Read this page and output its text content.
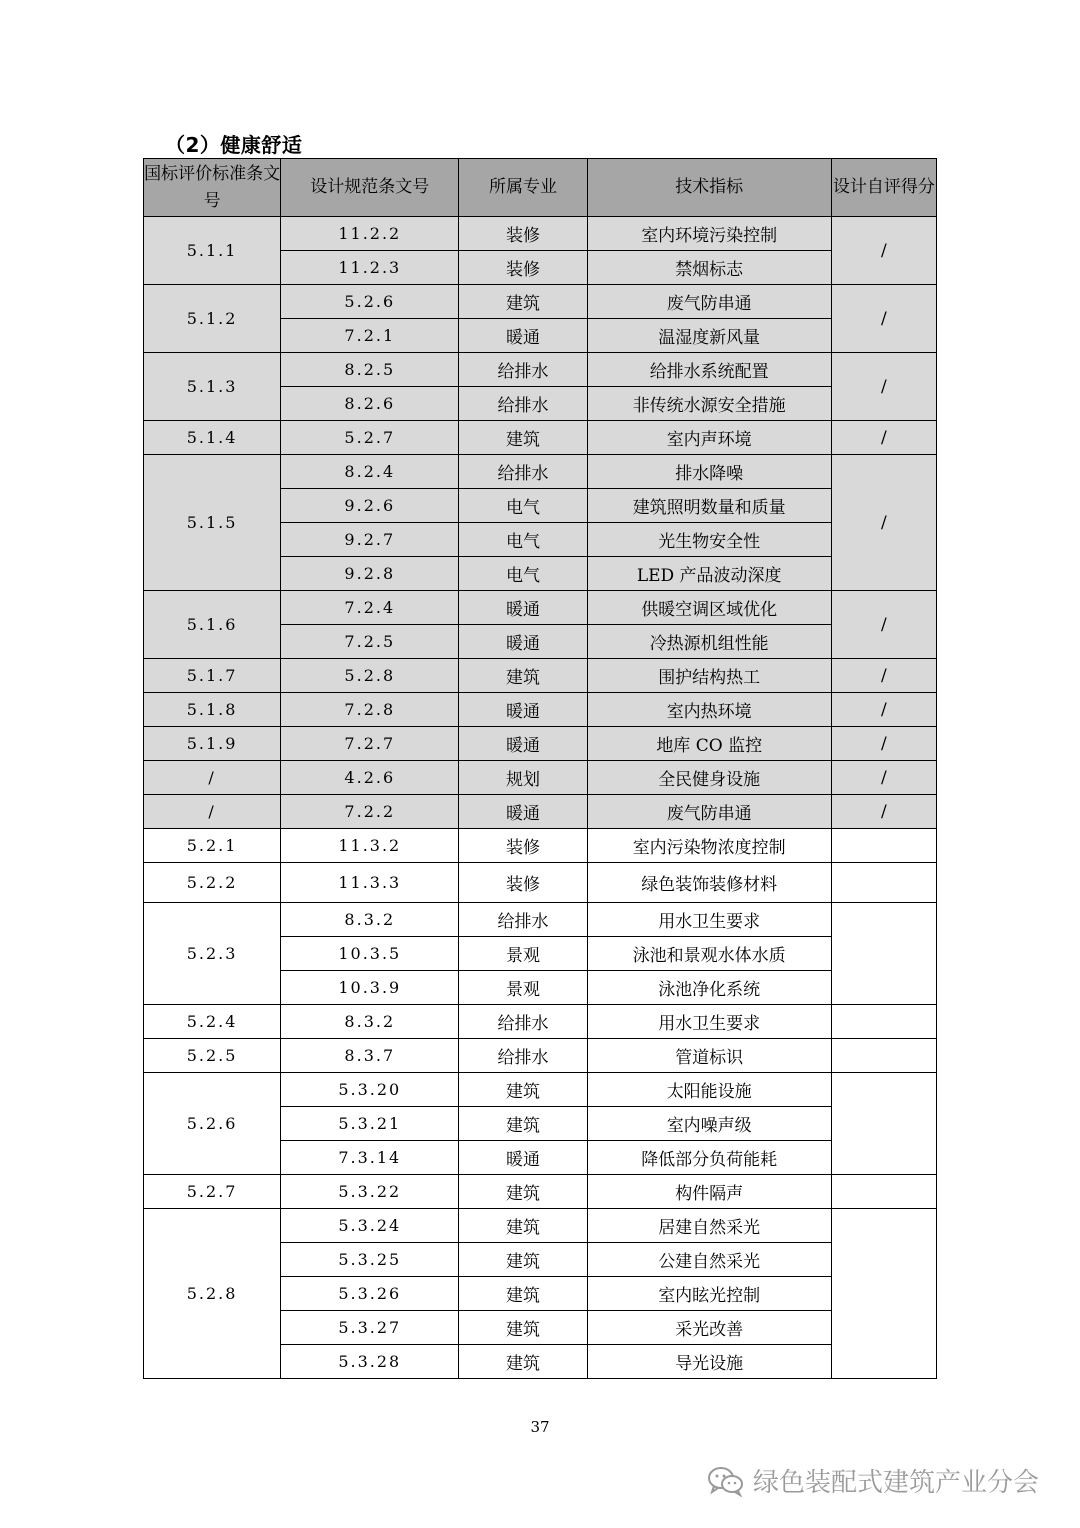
（2）健康舒适
国标评价标准条文号	设计规范条文号	所属专业	技术指标	设计自评得分
5.1.1	11.2.2	装修	室内环境污染控制	/
	11.2.3	装修	禁烟标志	
5.1.2	5.2.6	建筑	废气防串通	/
	7.2.1	暖通	温湿度新风量	
5.1.3	8.2.5	给排水	给排水系统配置	/
	8.2.6	给排水	非传统水源安全措施	
5.1.4	5.2.7	建筑	室内声环境	/
5.1.5	8.2.4	给排水	排水降噪	/
	9.2.6	电气	建筑照明数量和质量	
	9.2.7	电气	光生物安全性	
	9.2.8	电气	LED 产品波动深度	
5.1.6	7.2.4	暖通	供暖空调区域优化	/
	7.2.5	暖通	冷热源机组性能	
5.1.7	5.2.8	建筑	围护结构热工	/
5.1.8	7.2.8	暖通	室内热环境	/
5.1.9	7.2.7	暖通	地库 CO 监控	/
/	4.2.6	规划	全民健身设施	/
/	7.2.2	暖通	废气防串通	/
5.2.1	11.3.2	装修	室内污染物浓度控制	
5.2.2	11.3.3	装修	绿色装饰装修材料	
5.2.3	8.3.2	给排水	用水卫生要求	
	10.3.5	景观	泳池和景观水体水质	
	10.3.9	景观	泳池净化系统	
5.2.4	8.3.2	给排水	用水卫生要求	
5.2.5	8.3.7	给排水	管道标识	
5.2.6	5.3.20	建筑	太阳能设施	
	5.3.21	建筑	室内噪声级	
	7.3.14	暖通	降低部分负荷能耗	
5.2.7	5.3.22	建筑	构件隔声	
5.2.8	5.3.24	建筑	居建自然采光	
	5.3.25	建筑	公建自然采光	
	5.3.26	建筑	室内眩光控制	
	5.3.27	建筑	采光改善	
	5.3.28	建筑	导光设施	
37
绿色装配式建筑产业分会
